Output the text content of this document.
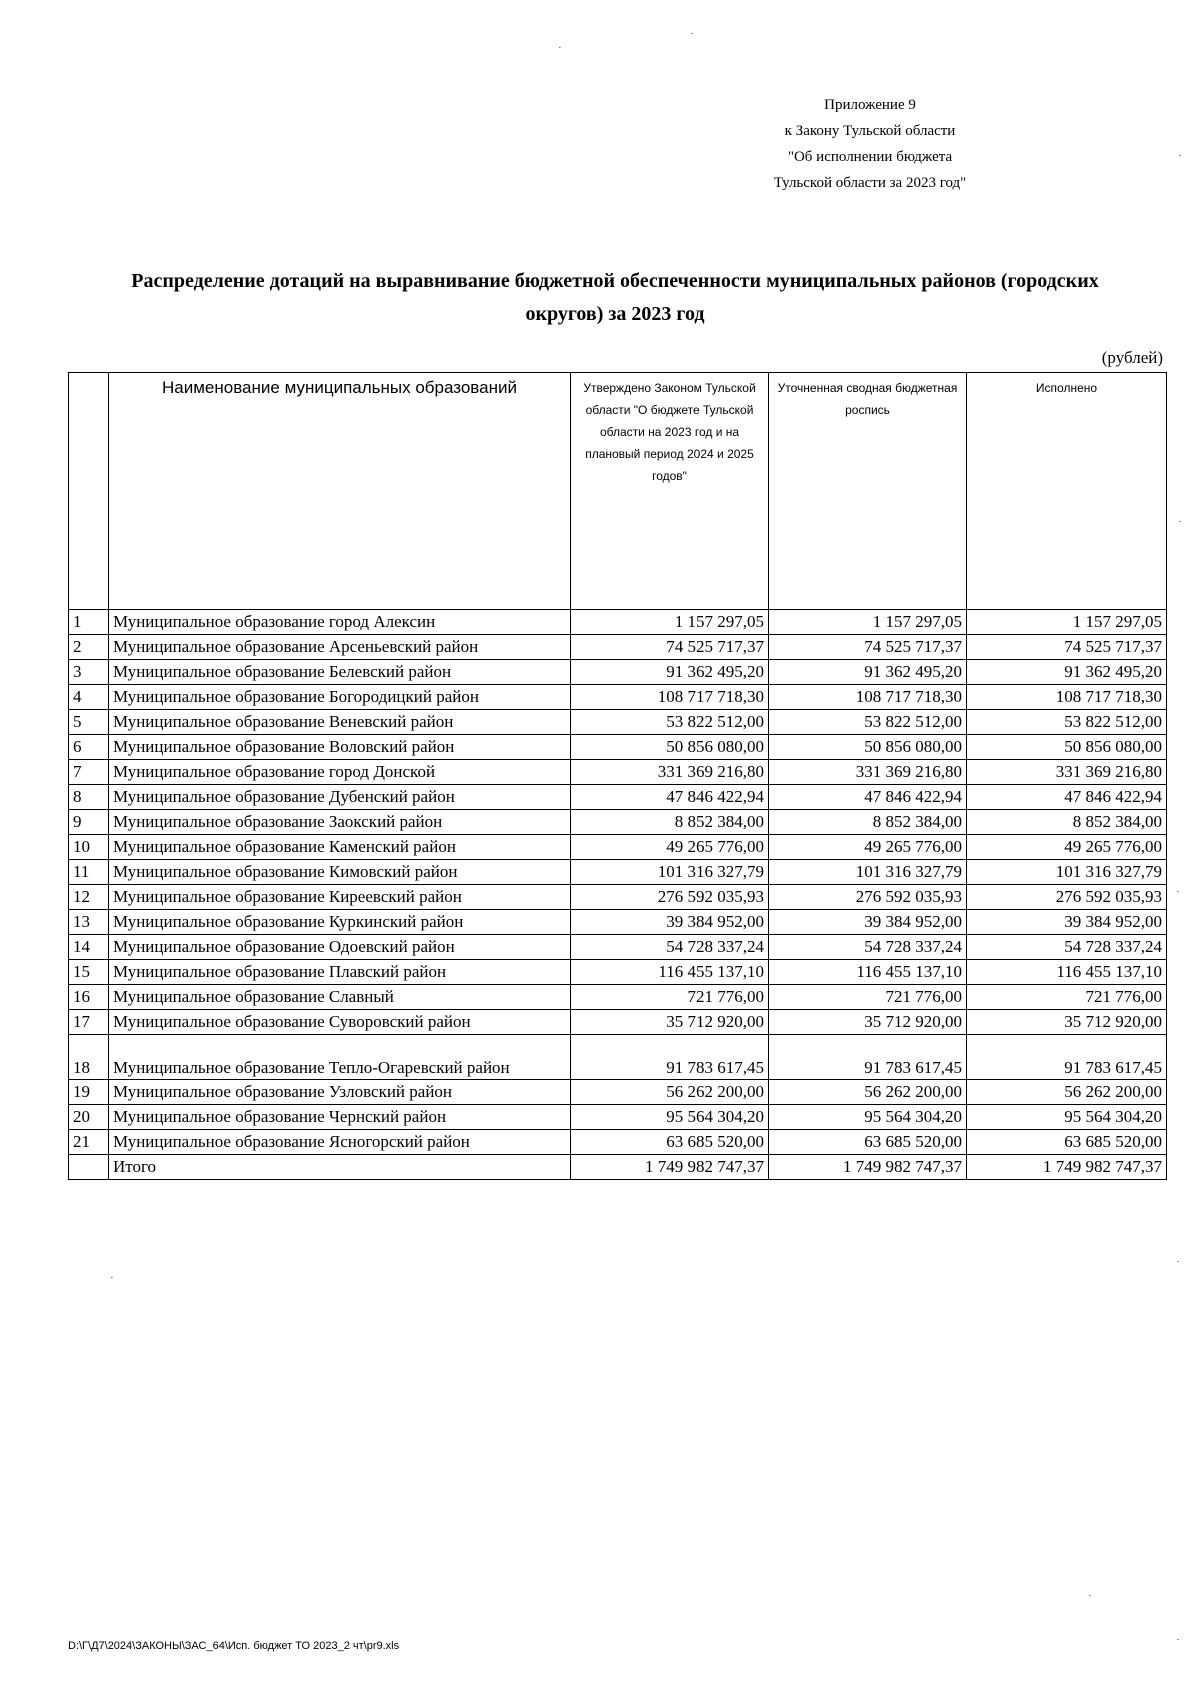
Приложение 9
к Закону Тульской области
"Об исполнении бюджета
Тульской области за 2023 год"
Распределение дотаций на выравнивание бюджетной обеспеченности муниципальных районов (городских
округов) за 2023 год
(рублей)
	Наименование муниципальных образований	Утверждено Законом Тульской области "О бюджете Тульской области на 2023 год и на плановый период 2024 и 2025 годов"	Уточненная сводная бюджетная роспись	Исполнено
1	Муниципальное образование город Алексин	1 157 297,05	1 157 297,05	1 157 297,05
2	Муниципальное образование Арсеньевский район	74 525 717,37	74 525 717,37	74 525 717,37
3	Муниципальное образование Белевский район	91 362 495,20	91 362 495,20	91 362 495,20
4	Муниципальное образование Богородицкий район	108 717 718,30	108 717 718,30	108 717 718,30
5	Муниципальное образование Веневский район	53 822 512,00	53 822 512,00	53 822 512,00
6	Муниципальное образование Воловский район	50 856 080,00	50 856 080,00	50 856 080,00
7	Муниципальное образование город Донской	331 369 216,80	331 369 216,80	331 369 216,80
8	Муниципальное образование Дубенский район	47 846 422,94	47 846 422,94	47 846 422,94
9	Муниципальное образование Заокский район	8 852 384,00	8 852 384,00	8 852 384,00
10	Муниципальное образование Каменский район	49 265 776,00	49 265 776,00	49 265 776,00
11	Муниципальное образование Кимовский район	101 316 327,79	101 316 327,79	101 316 327,79
12	Муниципальное образование Киреевский район	276 592 035,93	276 592 035,93	276 592 035,93
13	Муниципальное образование Куркинский район	39 384 952,00	39 384 952,00	39 384 952,00
14	Муниципальное образование Одоевский район	54 728 337,24	54 728 337,24	54 728 337,24
15	Муниципальное образование Плавский район	116 455 137,10	116 455 137,10	116 455 137,10
16	Муниципальное образование Славный	721 776,00	721 776,00	721 776,00
17	Муниципальное образование Суворовский район	35 712 920,00	35 712 920,00	35 712 920,00
18	Муниципальное образование Тепло-Огаревский район	91 783 617,45	91 783 617,45	91 783 617,45
19	Муниципальное образование Узловский район	56 262 200,00	56 262 200,00	56 262 200,00
20	Муниципальное образование Чернский район	95 564 304,20	95 564 304,20	95 564 304,20
21	Муниципальное образование Ясногорский район	63 685 520,00	63 685 520,00	63 685 520,00
	Итого	1 749 982 747,37	1 749 982 747,37	1 749 982 747,37
D:\Г\Д7\2024\ЗАКОНЫ\ЗАС_64\Исп. бюджет ТО 2023_2 чт\pr9.xls
·
·
·
·
·
·
·
·
·
